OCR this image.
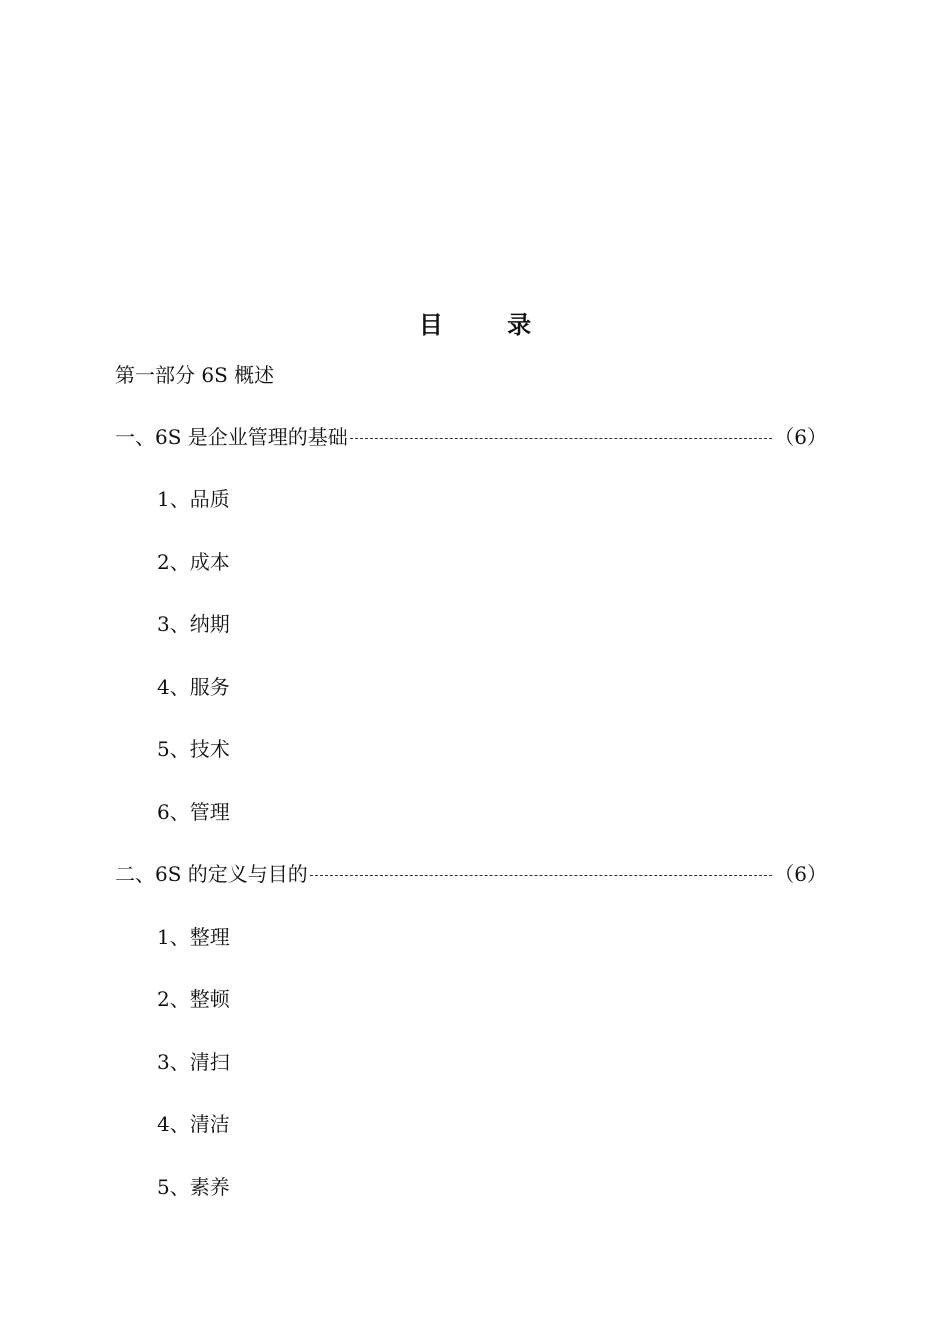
目 录
第一部分 6S 概述
一、6S 是企业管理的基础	（6）
1、品质
2、成本
3、纳期
4、服务
5、技术
6、管理
二、6S 的定义与目的	（6）
1、整理
2、整顿
3、清扫
4、清洁
5、素养
